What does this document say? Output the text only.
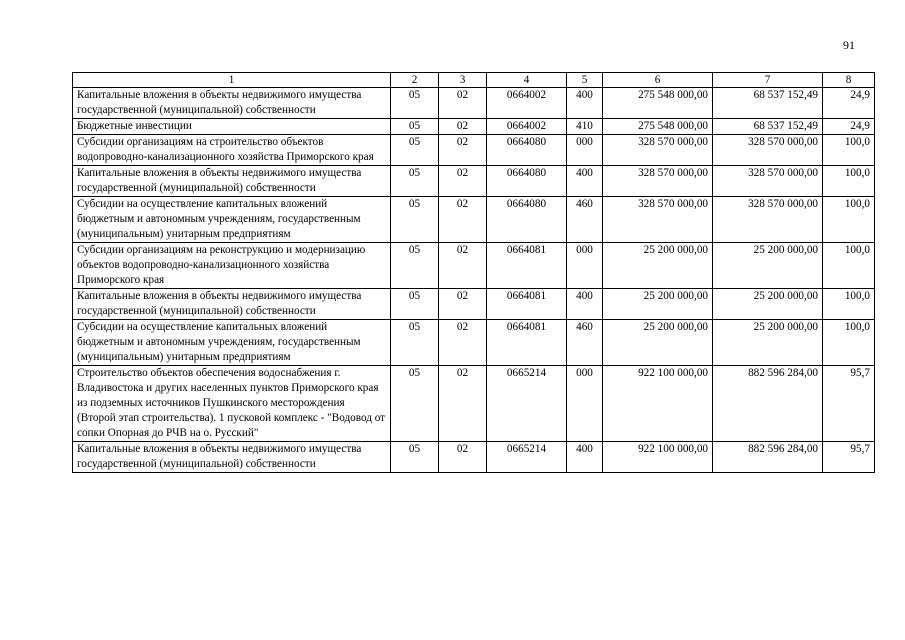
91
1	2	3	4	5	6	7	8
Капитальные вложения в объекты недвижимого имущества государственной (муниципальной) собственности	05	02	0664002	400	275 548 000,00	68 537 152,49	24,9
Бюджетные инвестиции	05	02	0664002	410	275 548 000,00	68 537 152,49	24,9
Субсидии организациям на строительство объектов водопроводно-канализационного хозяйства Приморского края	05	02	0664080	000	328 570 000,00	328 570 000,00	100,0
Капитальные вложения в объекты недвижимого имущества государственной (муниципальной) собственности	05	02	0664080	400	328 570 000,00	328 570 000,00	100,0
Субсидии на осуществление капитальных вложений бюджетным и автономным учреждениям, государственным (муниципальным) унитарным предприятиям	05	02	0664080	460	328 570 000,00	328 570 000,00	100,0
Субсидии организациям на реконструкцию и модернизацию объектов водопроводно-канализационного хозяйства Приморского края	05	02	0664081	000	25 200 000,00	25 200 000,00	100,0
Капитальные вложения в объекты недвижимого имущества государственной (муниципальной) собственности	05	02	0664081	400	25 200 000,00	25 200 000,00	100,0
Субсидии на осуществление капитальных вложений бюджетным и автономным учреждениям, государственным (муниципальным) унитарным предприятиям	05	02	0664081	460	25 200 000,00	25 200 000,00	100,0
Строительство объектов обеспечения водоснабжения г. Владивостока и других населенных пунктов Приморского края из подземных источников Пушкинского месторождения (Второй этап строительства). 1 пусковой комплекс - "Водовод от сопки Опорная до РЧВ на о. Русский"	05	02	0665214	000	922 100 000,00	882 596 284,00	95,7
Капитальные вложения в объекты недвижимого имущества государственной (муниципальной) собственности	05	02	0665214	400	922 100 000,00	882 596 284,00	95,7
